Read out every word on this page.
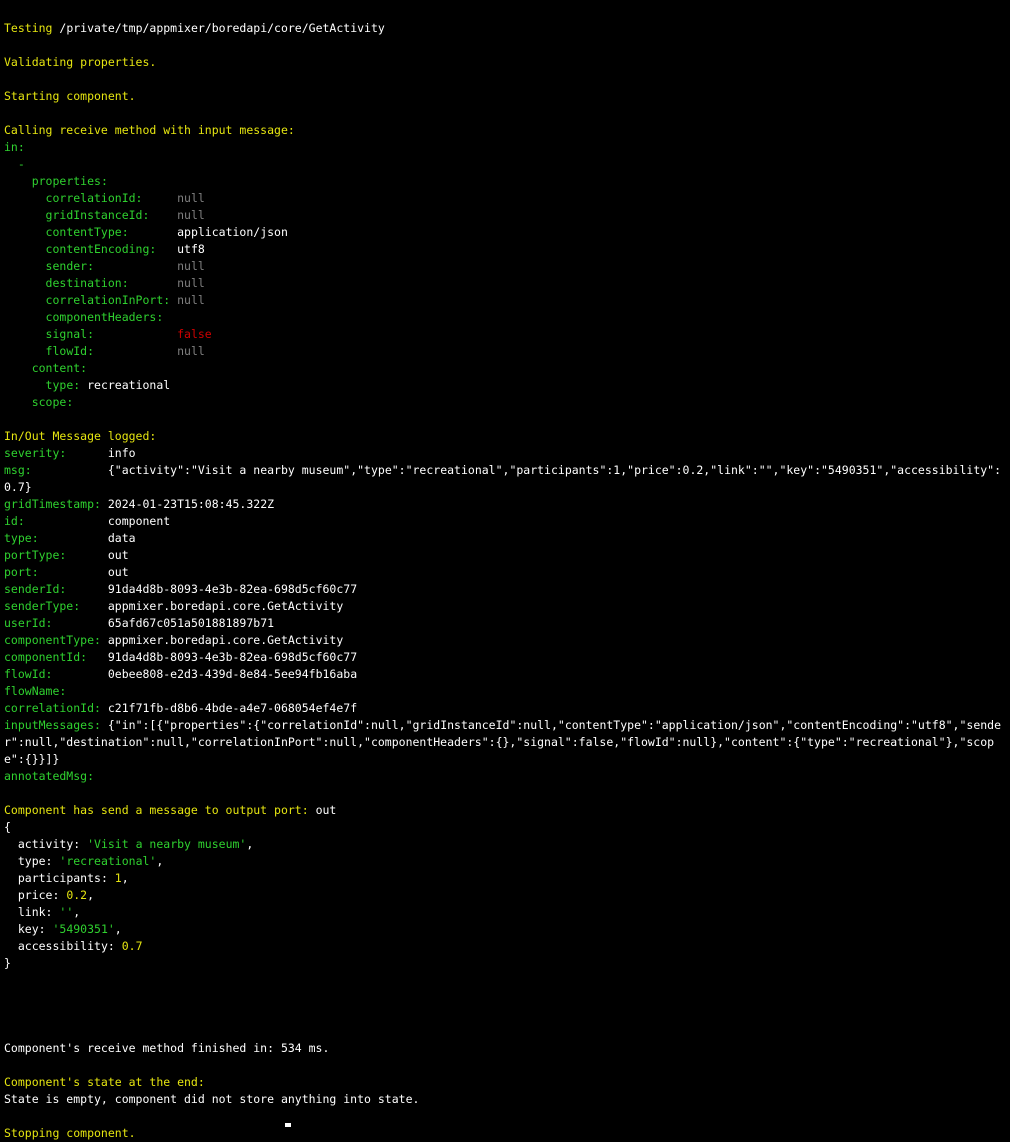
Testing /private/tmp/appmixer/boredapi/core/GetActivity
Validating properties.
Starting component.
Calling receive method with input message:
in:
-
properties:
correlationId:     null
gridInstanceId:    null
contentType:       application/json
contentEncoding:   utf8
sender:            null
destination:       null
correlationInPort: null
componentHeaders:
signal:            false
flowId:            null
content:
type: recreational
scope:
In/Out Message logged:
severity:      info
msg:           {"activity":"Visit a nearby museum","type":"recreational","participants":1,"price":0.2,"link":"","key":"5490351","accessibility":0.7}
gridTimestamp: 2024-01-23T15:08:45.322Z
id:            component
type:          data
portType:      out
port:          out
senderId:      91da4d8b-8093-4e3b-82ea-698d5cf60c77
senderType:    appmixer.boredapi.core.GetActivity
userId:        65afd67c051a501881897b71
componentType: appmixer.boredapi.core.GetActivity
componentId:   91da4d8b-8093-4e3b-82ea-698d5cf60c77
flowId:        0ebee808-e2d3-439d-8e84-5ee94fb16aba
flowName:
correlationId: c21f71fb-d8b6-4bde-a4e7-068054ef4e7f
inputMessages: {"in":[{"properties":{"correlationId":null,"gridInstanceId":null,"contentType":"application/json","contentEncoding":"utf8","sender":null,"destination":null,"correlationInPort":null,"componentHeaders":{},"signal":false,"flowId":null},"content":{"type":"recreational"},"scope":{}}]}
annotatedMsg:
Component has send a message to output port: out
{
activity: 'Visit a nearby museum',
type: 'recreational',
participants: 1,
price: 0.2,
link: '',
key: '5490351',
accessibility: 0.7
}
Component's receive method finished in: 534 ms.
Component's state at the end:
State is empty, component did not store anything into state.
Stopping component.
